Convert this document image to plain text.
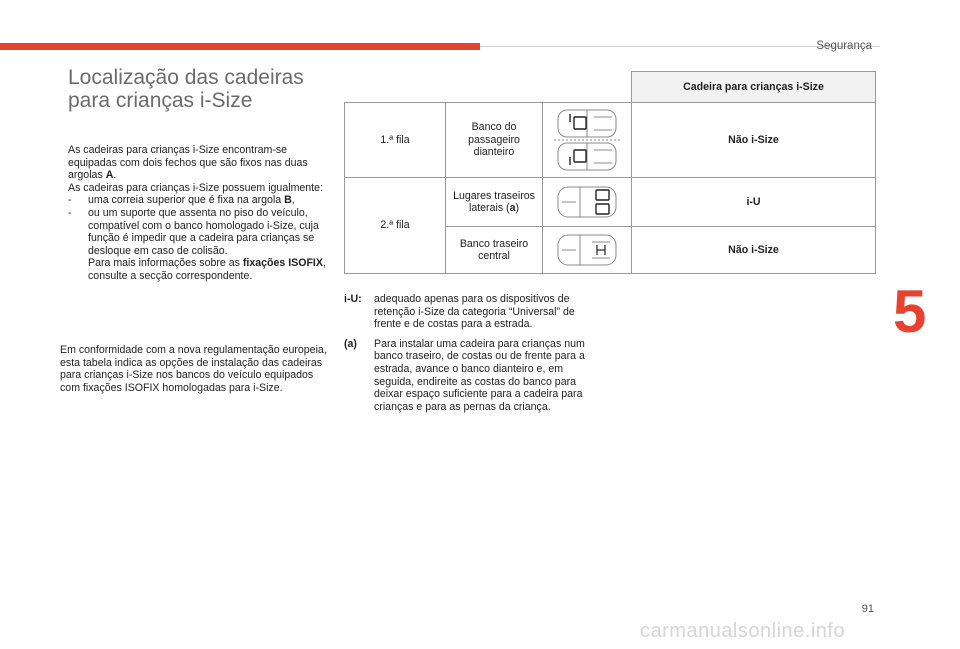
Segurança
Localização das cadeiras para crianças i-Size

As cadeiras para crianças i-Size encontram-se equipadas com dois fechos que são fixos nas duas argolas A.

As cadeiras para crianças i-Size possuem igualmente:

- uma correia superior que é fixa na argola B,

- ou um suporte que assenta no piso do veículo, compatível com o banco homologado i-Size, cuja função é impedir que a cadeira para crianças se desloque em caso de colisão.

Para mais informações sobre as fixações ISOFIX, consulte a secção correspondente.

Em conformidade com a nova regulamentação europeia, esta tabela indica as opções de instalação das cadeiras para crianças i-Size nos bancos do veículo equipados com fixações ISOFIX homologadas para i-Size.

			Cadeira para crianças i-Size
1.ª fila	Banco do passageiro dianteiro		Não i-Size
2.ª fila	Lugares traseiros laterais (a)		i-U
	Banco traseiro central		Não i-Size
i-U: adequado apenas para os dispositivos de retenção i-Size da categoria “Universal” de frente e de costas para a estrada.
(a) Para instalar uma cadeira para crianças num banco traseiro, de costas ou de frente para a estrada, avance o banco dianteiro e, em seguida, endireite as costas do banco para deixar espaço suficiente para a cadeira para crianças e para as pernas da criança.
5
91
carmanualsonline.info
